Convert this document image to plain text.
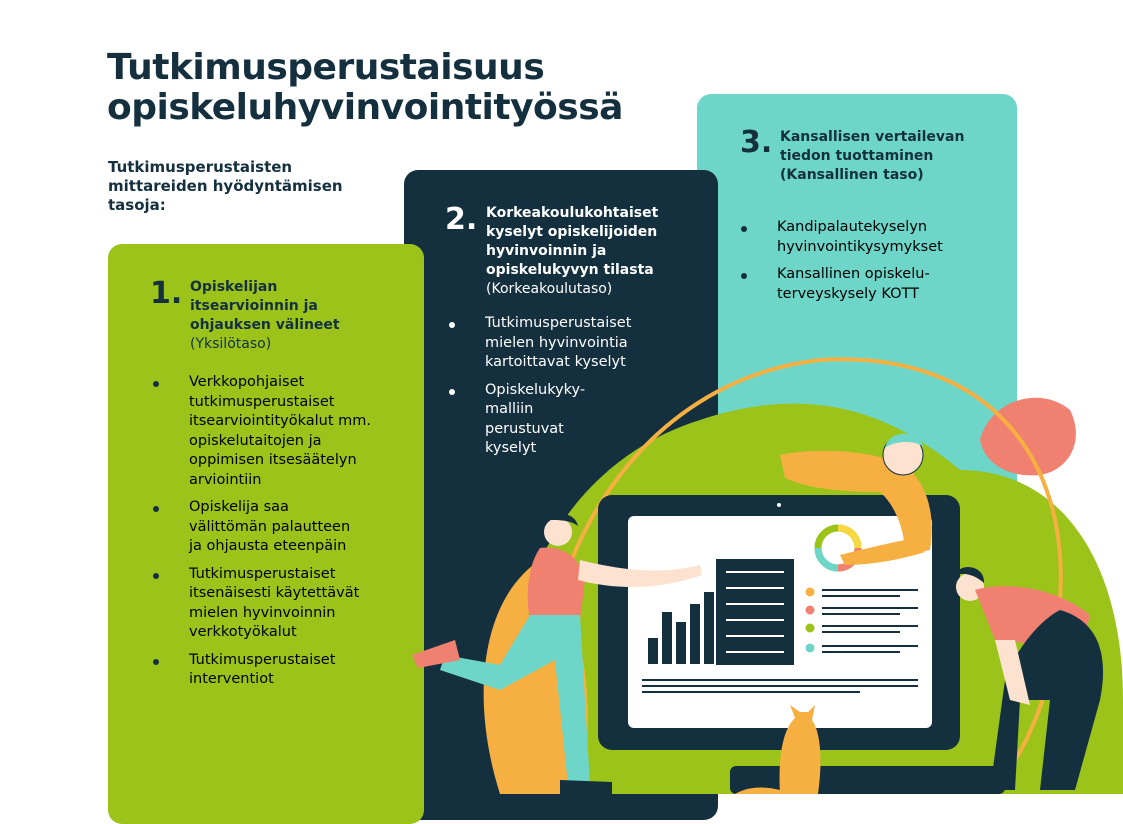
Tutkimusperustaisuus opiskeluhyvinvointityössä
Tutkimusperustaisten mittareiden hyödyntämisen tasoja:
3. Kansallisen vertailevan tiedon tuottaminen
(Kansallinen taso)
Kandipalautekyselyn
hyvinvointikysymykset
Kansallinen opiskelu-
terveyskysely KOTT
2. Korkeakoulukohtaiset kyselyt opiskelijoiden hyvinvoinnin ja opiskelukyvyn tilasta
(Korkeakoulutaso)
Tutkimusperustaiset
mielen hyvinvointia
kartoittavat kyselyt
Opiskelukyky-
malliin
perustuvat
kyselyt
1. Opiskelijan itsearvioinnin ja ohjauksen välineet
(Yksilötaso)
Verkkopohjaiset
tutkimusperustaiset
itsearviointityökalut mm.
opiskelutaitojen ja
oppimisen itsesäätelyn
arviointiin
Opiskelija saa
välittömän palautteen
ja ohjausta eteenpäin
Tutkimusperustaiset
itsenäisesti käytettävät
mielen hyvinvoinnin
verkkotyökalut
Tutkimusperustaiset
interventiot
